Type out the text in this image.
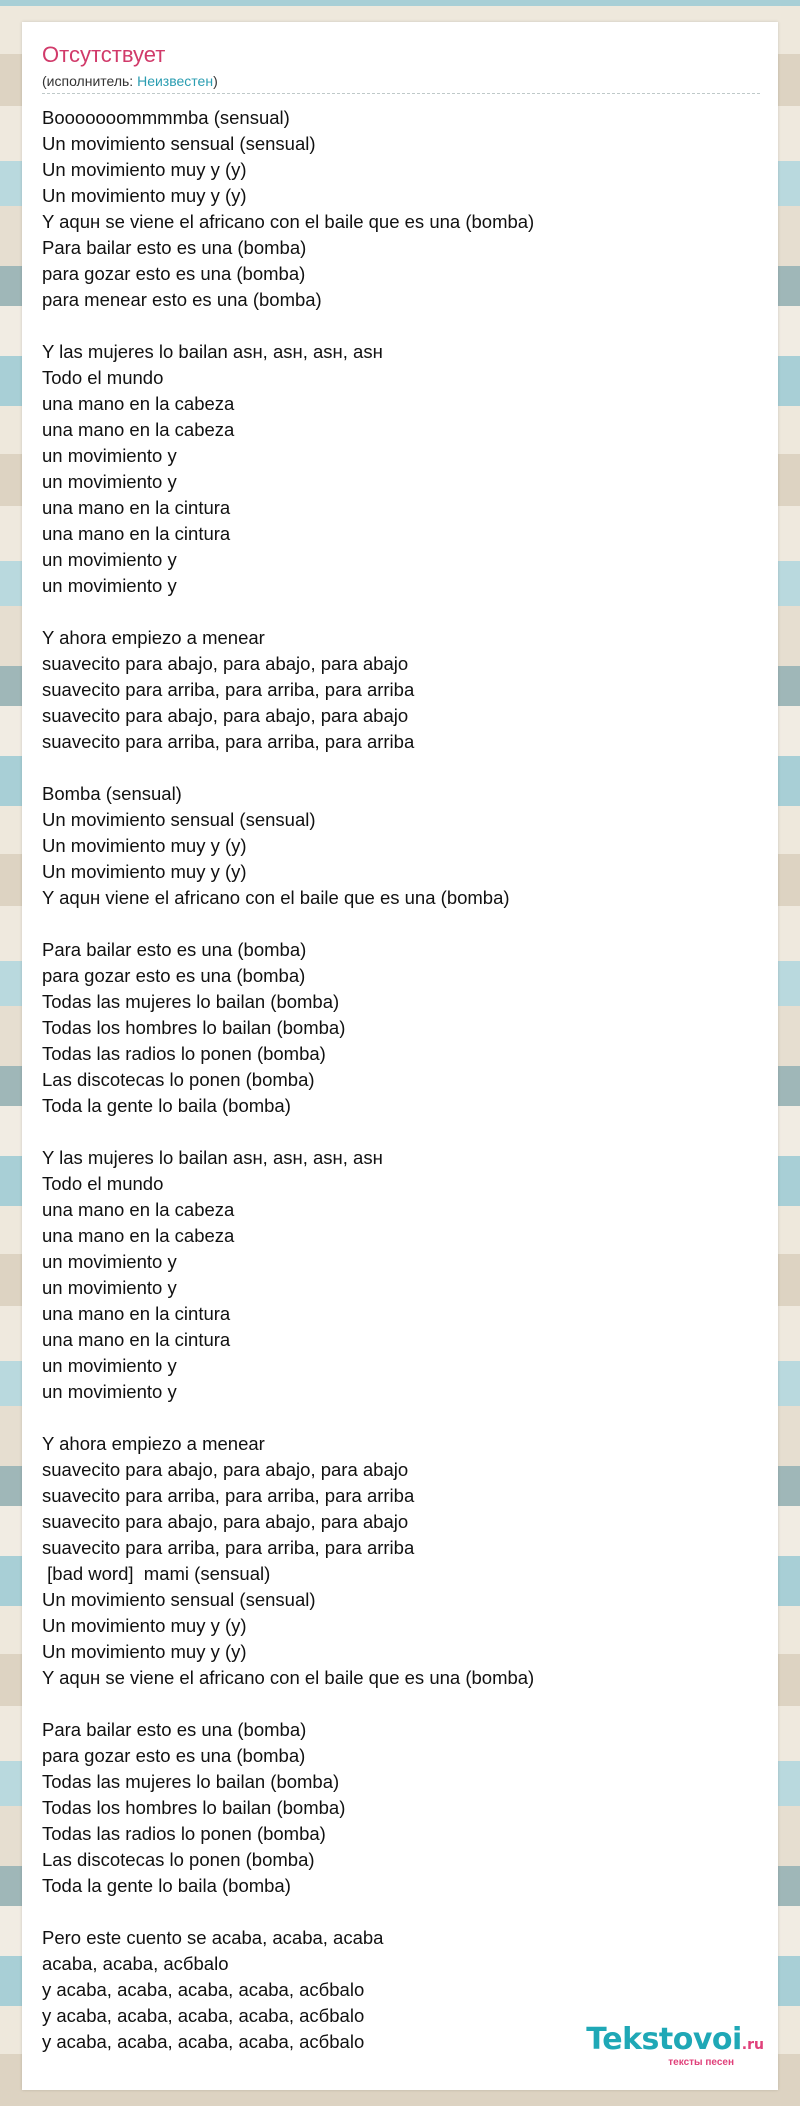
Отсутствует
(исполнитель: Неизвестен)
Booooooommmmba (sensual)
Un movimiento sensual (sensual)
Un movimiento muy y (y)
Un movimiento muy y (y)
Y aquн se viene el africano con el baile que es una (bomba)
Para bailar esto es una (bomba)
para gozar esto es una (bomba)
para menear esto es una (bomba)
Y las mujeres lo bailan asн, asн, asн, asн
Todo el mundo
una mano en la cabeza
una mano en la cabeza
un movimiento y
un movimiento y
una mano en la cintura
una mano en la cintura
un movimiento y
un movimiento y
Y ahora empiezo a menear
suavecito para abajo, para abajo, para abajo
suavecito para arriba, para arriba, para arriba
suavecito para abajo, para abajo, para abajo
suavecito para arriba, para arriba, para arriba
Bomba (sensual)
Un movimiento sensual (sensual)
Un movimiento muy y (y)
Un movimiento muy y (y)
Y aquн viene el africano con el baile que es una (bomba)
Para bailar esto es una (bomba)
para gozar esto es una (bomba)
Todas las mujeres lo bailan (bomba)
Todas los hombres lo bailan (bomba)
Todas las radios lo ponen (bomba)
Las discotecas lo ponen (bomba)
Toda la gente lo baila (bomba)
Y las mujeres lo bailan asн, asн, asн, asн
Todo el mundo
una mano en la cabeza
una mano en la cabeza
un movimiento y
un movimiento y
una mano en la cintura
una mano en la cintura
un movimiento y
un movimiento y
Y ahora empiezo a menear
suavecito para abajo, para abajo, para abajo
suavecito para arriba, para arriba, para arriba
suavecito para abajo, para abajo, para abajo
suavecito para arriba, para arriba, para arriba
[bad word]  mami (sensual)
Un movimiento sensual (sensual)
Un movimiento muy y (y)
Un movimiento muy y (y)
Y aquн se viene el africano con el baile que es una (bomba)
Para bailar esto es una (bomba)
para gozar esto es una (bomba)
Todas las mujeres lo bailan (bomba)
Todas los hombres lo bailan (bomba)
Todas las radios lo ponen (bomba)
Las discotecas lo ponen (bomba)
Toda la gente lo baila (bomba)
Pero este cuento se acaba, acaba, acaba
acaba, acaba, acбbalo
y acaba, acaba, acaba, acaba, acбbalo
y acaba, acaba, acaba, acaba, acбbalo
y acaba, acaba, acaba, acaba, acбbalo	Tekstovoi.ru
тексты песен
